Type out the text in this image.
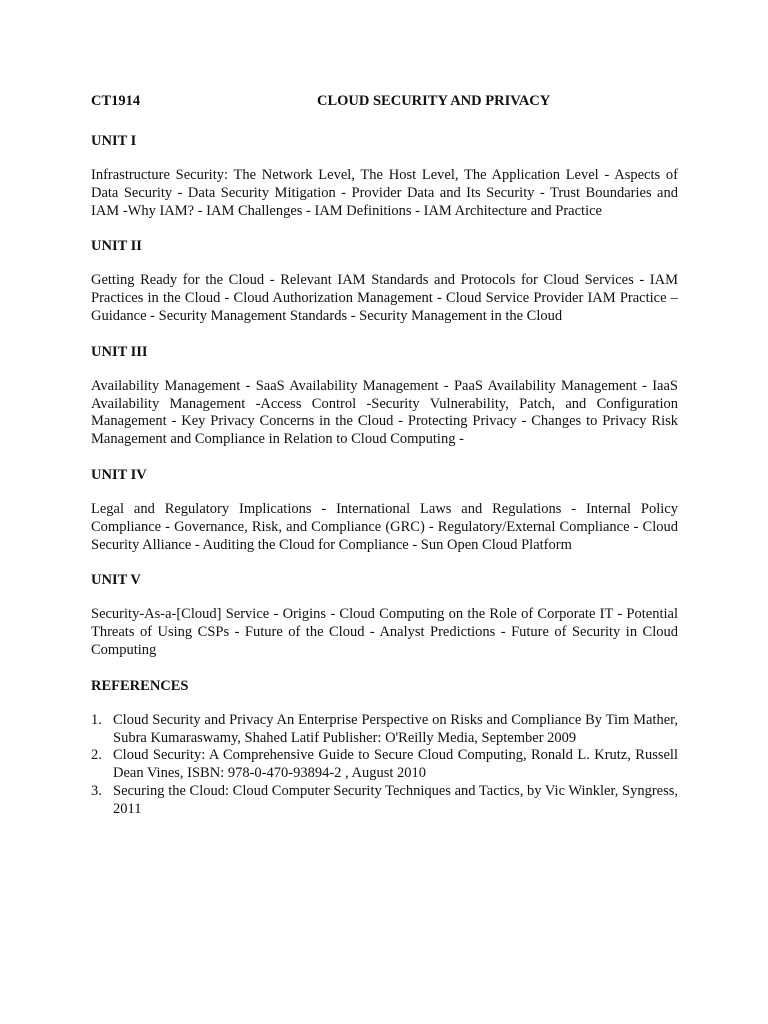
CT1914	CLOUD SECURITY AND PRIVACY
UNIT I

Infrastructure Security: The Network Level, The Host Level, The Application Level - Aspects of Data Security - Data Security Mitigation - Provider Data and Its Security - Trust Boundaries and IAM -Why IAM? - IAM Challenges - IAM Definitions - IAM Architecture and Practice

UNIT II

Getting Ready for the Cloud - Relevant IAM Standards and Protocols for Cloud Services - IAM Practices in the Cloud - Cloud Authorization Management - Cloud Service Provider IAM Practice – Guidance - Security Management Standards - Security Management in the Cloud

UNIT III

Availability Management - SaaS Availability Management - PaaS Availability Management - IaaS Availability Management -Access Control -Security Vulnerability, Patch, and Configuration Management - Key Privacy Concerns in the Cloud - Protecting Privacy - Changes to Privacy Risk Management and Compliance in Relation to Cloud Computing -

UNIT IV

Legal and Regulatory Implications - International Laws and Regulations - Internal Policy Compliance - Governance, Risk, and Compliance (GRC) - Regulatory/External Compliance - Cloud Security Alliance - Auditing the Cloud for Compliance - Sun Open Cloud Platform

UNIT V

Security-As-a-[Cloud] Service - Origins - Cloud Computing on the Role of Corporate IT - Potential Threats of Using CSPs - Future of the Cloud - Analyst Predictions - Future of Security in Cloud Computing

REFERENCES
1. Cloud Security and Privacy An Enterprise Perspective on Risks and Compliance By Tim Mather, Subra Kumaraswamy, Shahed Latif Publisher: O'Reilly Media, September 2009
2. Cloud Security: A Comprehensive Guide to Secure Cloud Computing, Ronald L. Krutz, Russell Dean Vines, ISBN: 978-0-470-93894-2 , August 2010
3. Securing the Cloud: Cloud Computer Security Techniques and Tactics, by Vic Winkler, Syngress, 2011
